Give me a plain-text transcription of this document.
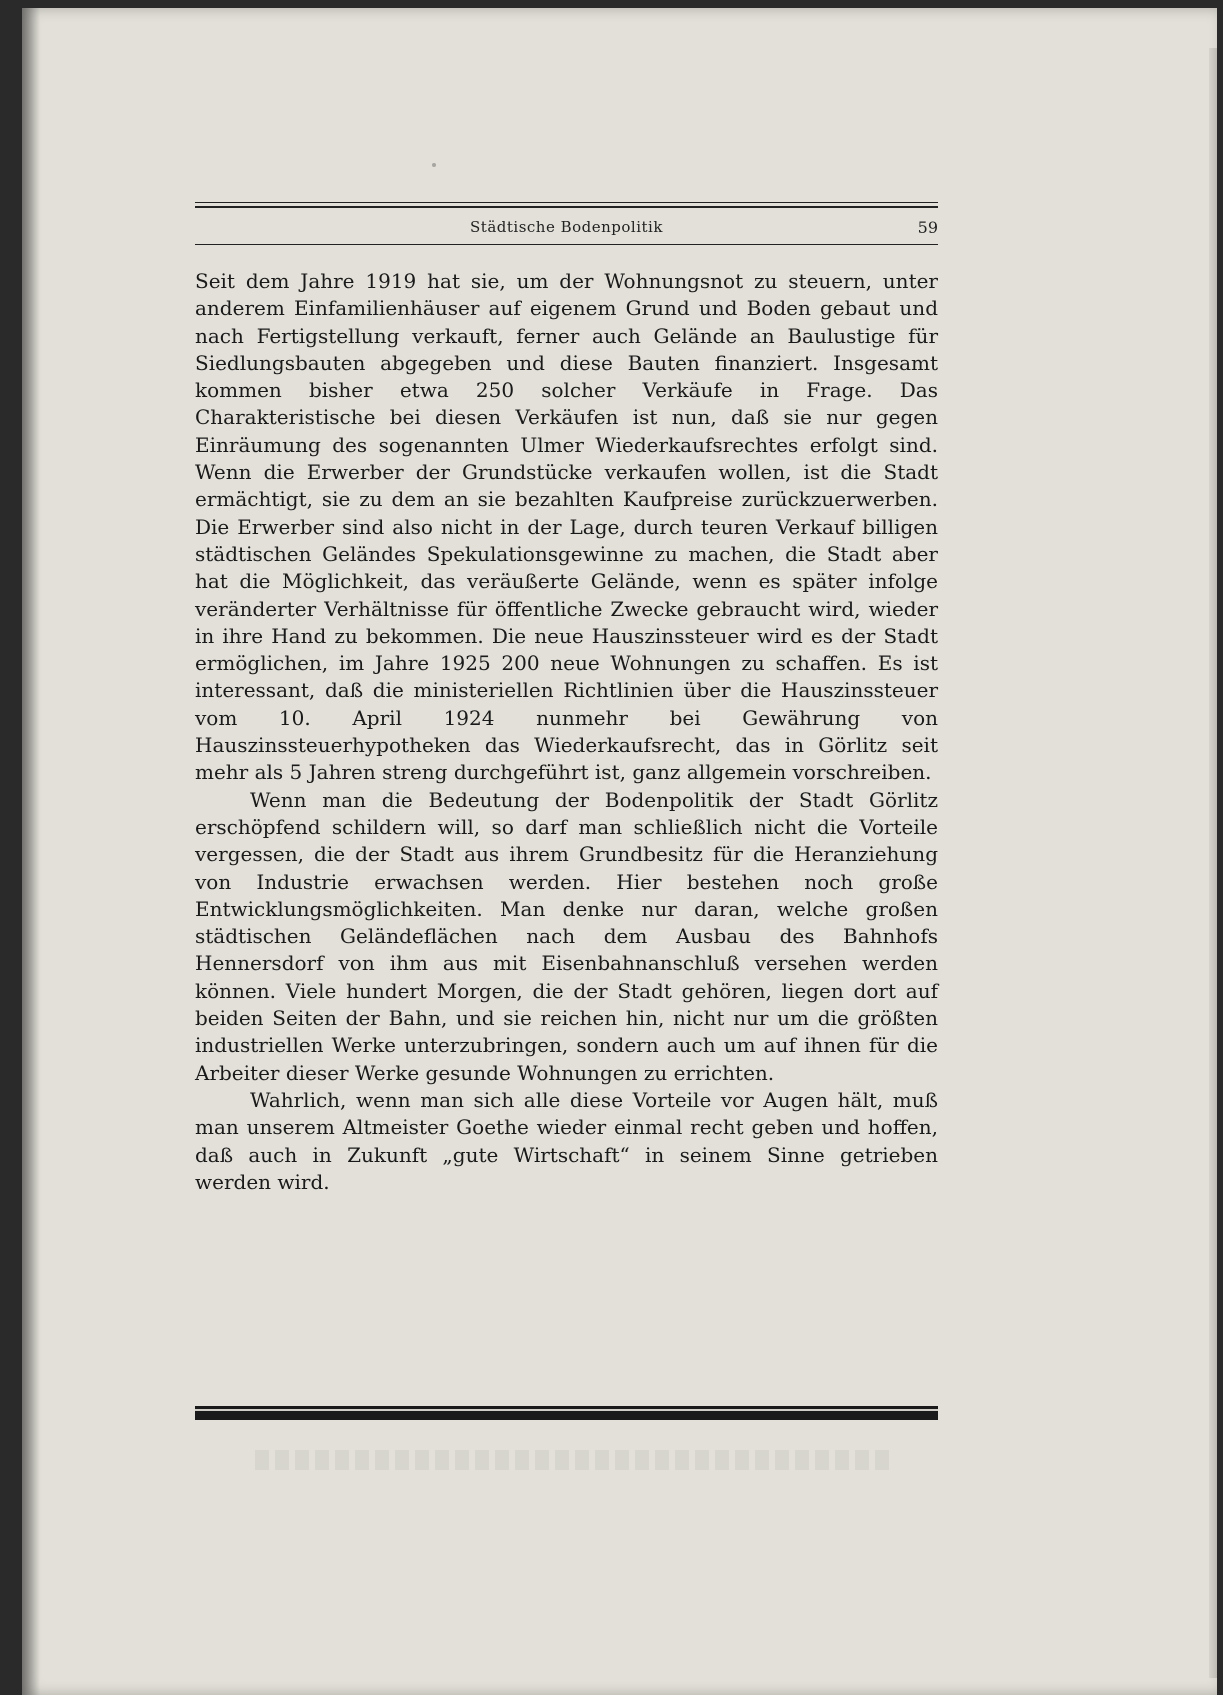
Städtische Bodenpolitik	59

Seit dem Jahre 1919 hat sie, um der Wohnungsnot zu steuern, unter anderem Einfamilienhäuser auf eigenem Grund und Boden gebaut und nach Fertigstellung verkauft, ferner auch Gelände an Baulustige für Siedlungsbauten abgegeben und diese Bauten finanziert. Insgesamt kommen bisher etwa 250 solcher Verkäufe in Frage. Das Charakteristische bei diesen Verkäufen ist nun, daß sie nur gegen Einräumung des sogenannten Ulmer Wiederkaufsrechtes erfolgt sind. Wenn die Erwerber der Grundstücke verkaufen wollen, ist die Stadt ermächtigt, sie zu dem an sie bezahlten Kaufpreise zurückzuerwerben. Die Erwerber sind also nicht in der Lage, durch teuren Verkauf billigen städtischen Geländes Spekulationsgewinne zu machen, die Stadt aber hat die Möglichkeit, das veräußerte Gelände, wenn es später infolge veränderter Verhältnisse für öffentliche Zwecke gebraucht wird, wieder in ihre Hand zu bekommen. Die neue Hauszinssteuer wird es der Stadt ermöglichen, im Jahre 1925 200 neue Wohnungen zu schaffen. Es ist interessant, daß die ministeriellen Richtlinien über die Hauszinssteuer vom 10. April 1924 nunmehr bei Gewährung von Hauszinssteuerhypotheken das Wiederkaufsrecht, das in Görlitz seit mehr als 5 Jahren streng durchgeführt ist, ganz allgemein vorschreiben.

Wenn man die Bedeutung der Bodenpolitik der Stadt Görlitz erschöpfend schildern will, so darf man schließlich nicht die Vorteile vergessen, die der Stadt aus ihrem Grundbesitz für die Heranziehung von Industrie erwachsen werden. Hier bestehen noch große Entwicklungsmöglichkeiten. Man denke nur daran, welche großen städtischen Geländeflächen nach dem Ausbau des Bahnhofs Hennersdorf von ihm aus mit Eisenbahnanschluß versehen werden können. Viele hundert Morgen, die der Stadt gehören, liegen dort auf beiden Seiten der Bahn, und sie reichen hin, nicht nur um die größten industriellen Werke unterzubringen, sondern auch um auf ihnen für die Arbeiter dieser Werke gesunde Wohnungen zu errichten.

Wahrlich, wenn man sich alle diese Vorteile vor Augen hält, muß man unserem Altmeister Goethe wieder einmal recht geben und hoffen, daß auch in Zukunft „gute Wirtschaft“ in seinem Sinne getrieben werden wird.
